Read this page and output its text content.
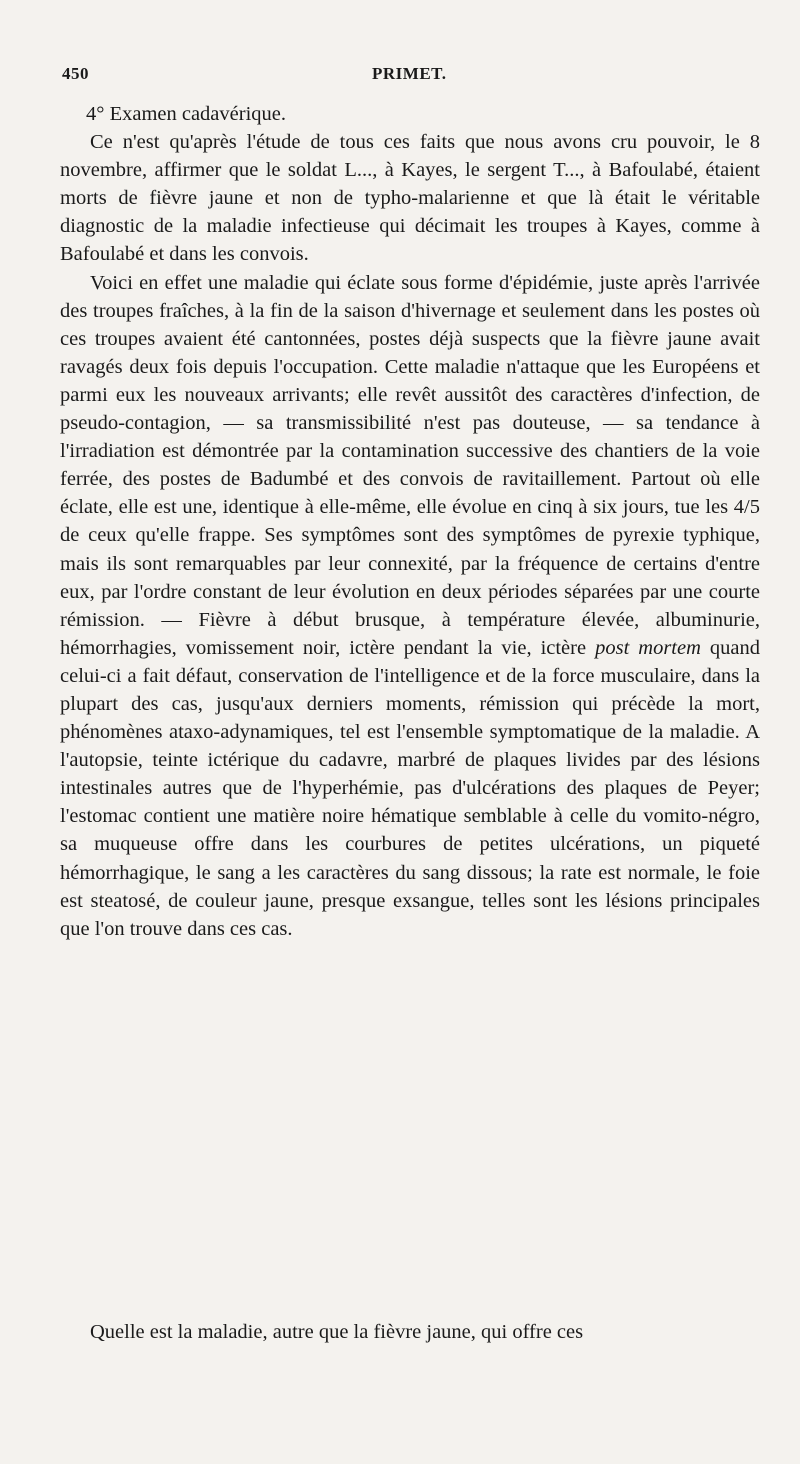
450	PRIMET.

4° Examen cadavérique.

Ce n'est qu'après l'étude de tous ces faits que nous avons cru pouvoir, le 8 novembre, affirmer que le soldat L..., à Kayes, le sergent T..., à Bafoulabé, étaient morts de fièvre jaune et non de typho-malarienne et que là était le véritable diagnostic de la maladie infectieuse qui décimait les troupes à Kayes, comme à Bafoulabé et dans les convois.

Voici en effet une maladie qui éclate sous forme d'épidémie, juste après l'arrivée des troupes fraîches, à la fin de la saison d'hivernage et seulement dans les postes où ces troupes avaient été cantonnées, postes déjà suspects que la fièvre jaune avait ravagés deux fois depuis l'occupation. Cette maladie n'attaque que les Européens et parmi eux les nouveaux arrivants; elle revêt aussitôt des caractères d'infection, de pseudo-contagion, — sa transmissibilité n'est pas douteuse, — sa tendance à l'irradiation est démontrée par la contamination successive des chantiers de la voie ferrée, des postes de Badumbé et des convois de ravitaillement. Partout où elle éclate, elle est une, identique à elle-même, elle évolue en cinq à six jours, tue les 4/5 de ceux qu'elle frappe. Ses symptômes sont des symptômes de pyrexie typhique, mais ils sont remarquables par leur connexité, par la fréquence de certains d'entre eux, par l'ordre constant de leur évolution en deux périodes séparées par une courte rémission. — Fièvre à début brusque, à température élevée, albuminurie, hémorrhagies, vomissement noir, ictère pendant la vie, ictère post mortem quand celui-ci a fait défaut, conservation de l'intelligence et de la force musculaire, dans la plupart des cas, jusqu'aux derniers moments, rémission qui précède la mort, phénomènes ataxo-adynamiques, tel est l'ensemble symptomatique de la maladie. A l'autopsie, teinte ictérique du cadavre, marbré de plaques livides par des lésions intestinales autres que de l'hyperhémie, pas d'ulcérations des plaques de Peyer; l'estomac contient une matière noire hématique semblable à celle du vomito-négro, sa muqueuse offre dans les courbures de petites ulcérations, un piqueté hémorrhagique, le sang a les caractères du sang dissous; la rate est normale, le foie est steatosé, de couleur jaune, presque exsangue, telles sont les lésions principales que l'on trouve dans ces cas.

Quelle est la maladie, autre que la fièvre jaune, qui offre ces
